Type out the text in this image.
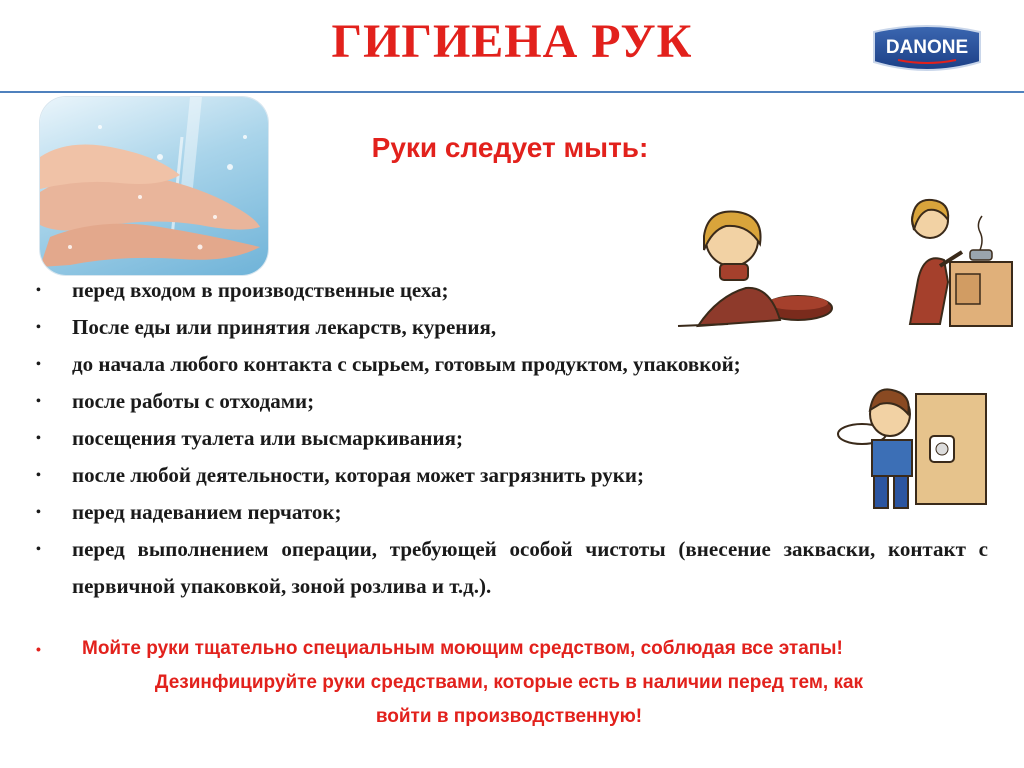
ГИГИЕНА РУК	DANONE
Руки следует мыть:
• перед входом в производственные цеха;
• После еды или принятия лекарств, курения,
• до начала любого контакта с сырьем, готовым продуктом, упаковкой;
• после работы с отходами;
• посещения туалета или высмаркивания;
• после любой деятельности, которая может загрязнить руки;
• перед надеванием перчаток;
• перед выполнением операции, требующей особой чистоты (внесение закваски, контакт с первичной упаковкой, зоной розлива и т.д.).
•	Мойте руки тщательно специальным моющим средством, соблюдая все этапы!
Дезинфицируйте руки средствами, которые есть в наличии перед тем, как
войти в производственную!
